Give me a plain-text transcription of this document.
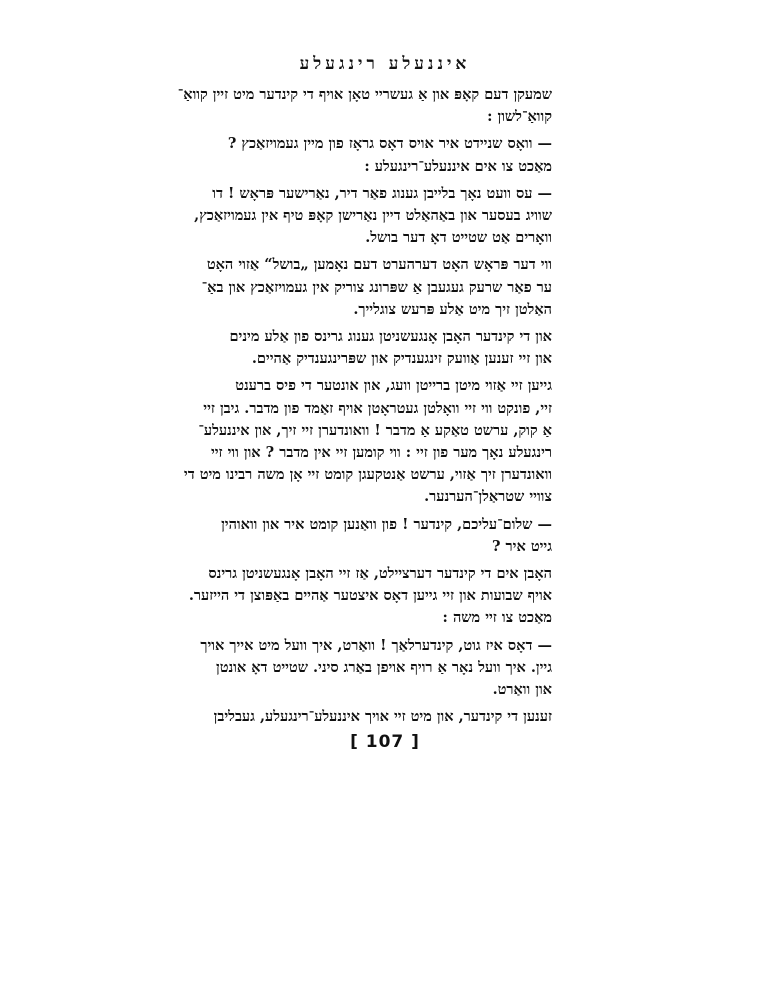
איננעלע רינגעלע

שמעקן דעם קאָפּ און אַ געשריי טאָן אויף די קינדער מיט זיין קוואַ־
קוואַ־לשון :

— וואָס שניידט איר אויס דאָס גראָז פון מיין געמויזאַכץ ?
מאַכט צו אים איננעלע־רינגעלע :

— עס וועט נאָך בלייבן גענוג פאַר דיר, נאַרישער פּראָש ! דו
שוויג בעסער און באַהאַלט דיין נאַרישן קאָפּ טיף אין געמויזאַכץ,
וואָרים אַט שטייט דאָ דער בושל.

ווי דער פּראָש האָט דערהערט דעם נאָמען „בושל“ אַזוי האָט
ער פאַר שרעק געגעבן אַ שפּרונג צוריק אין געמויזאַכץ און באַ־
האַלטן זיך מיט אַלע פּרעש צוגלייך.

און די קינדער האָבן אָנגעשניטן גענוג גרינס פון אַלע מינים
און זיי זענען אַוועק זינגענדיק און שפּרינגענדיק אַהיים.

גייען זיי אַזוי מיטן ברייטן וועג, און אונטער די פיס ברענט
זיי, פונקט ווי זיי וואָלטן געטראָטן אויף זאַמד פון מדבר. גיבן זיי
אַ קוק, ערשט טאַקע אַ מדבר ! וואונדערן זיי זיך, און איננעלע־
רינגעלע נאָך מער פון זיי : ווי קומען זיי אין מדבר ? און ווי זיי
וואונדערן זיך אַזוי, ערשט אַנטקעגן קומט זיי אָן משה רבינו מיט די
צוויי שטראַלן־הערנער.

— שלום־עליכם, קינדער ! פון וואַנען קומט איר און וואוהין
גייט איר ?

האָבן אים די קינדער דערציילט, אַז זיי האָבן אָנגעשניטן גרינס
אויף שבועות און זיי גייען דאָס איצטער אַהיים באַפּוצן די הייזער.
מאַכט צו זיי משה :

— דאָס איז גוט, קינדערלאַך ! וואַרט, איך וועל מיט אייך אויך
גיין. איך וועל נאָר אַ רויף אויפן באַרג סיני. שטייט דאָ אונטן
און וואַרט.

זענען די קינדער, און מיט זיי אויך איננעלע־רינגעלע, געבליבן

[ 107 ]
